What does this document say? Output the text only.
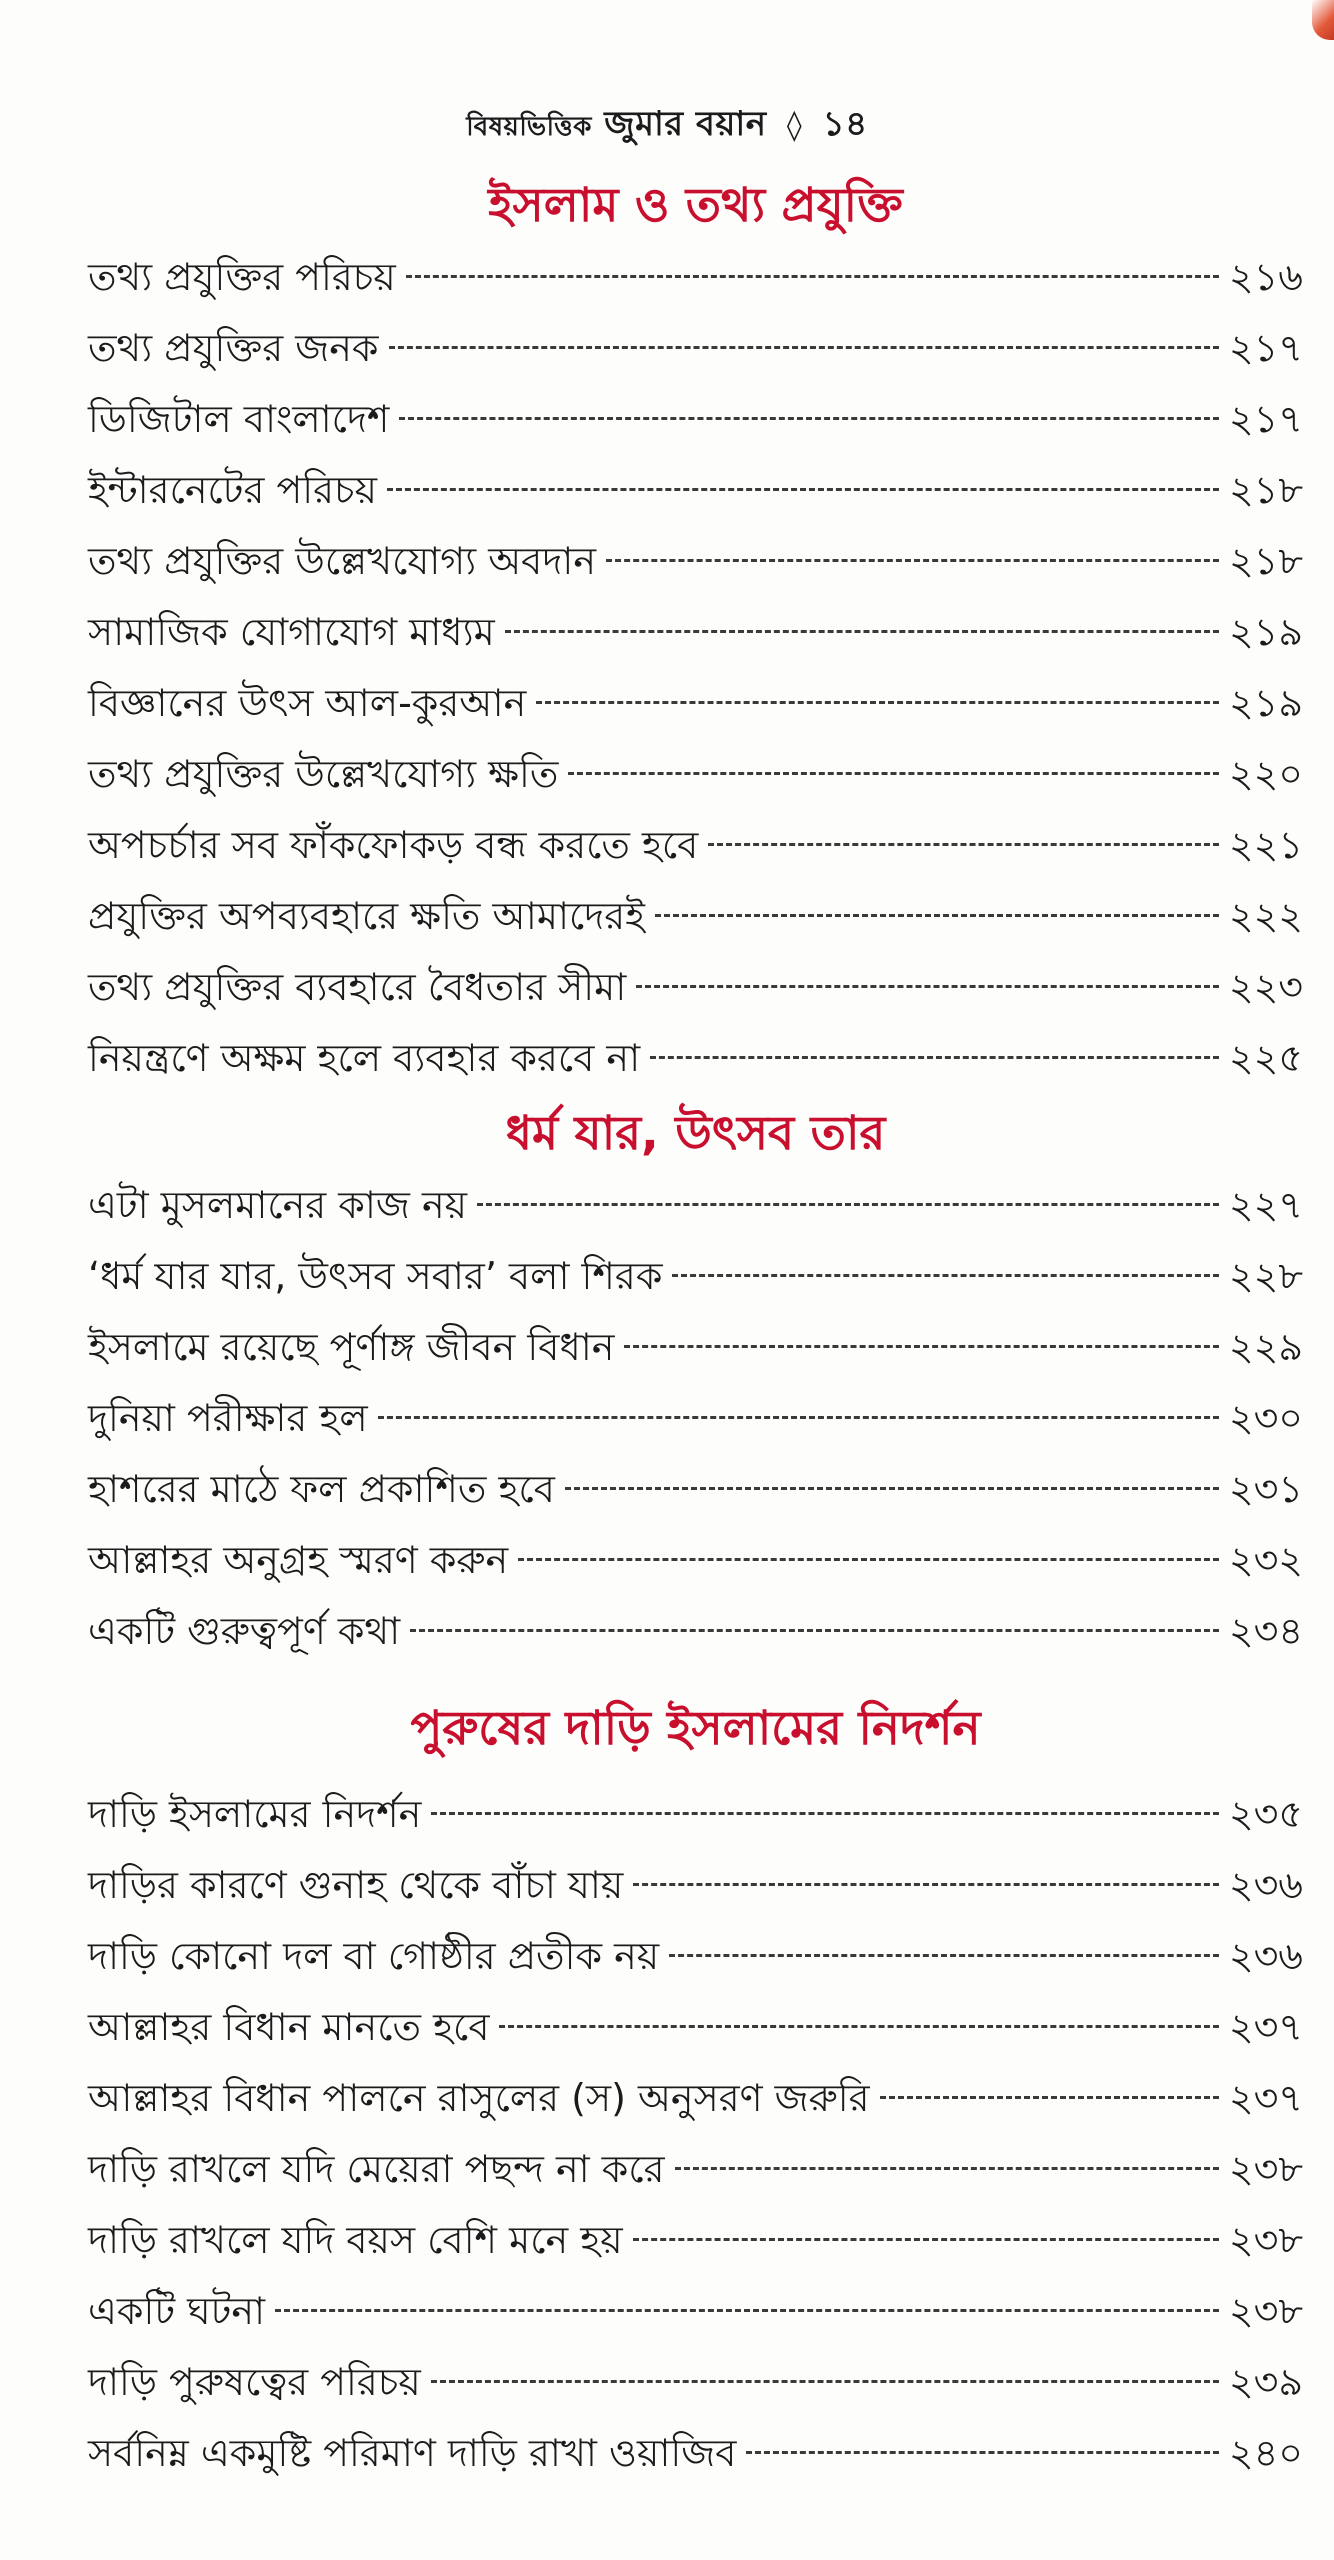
বিষয়ভিত্তিক জুমার বয়ান ◊ ১৪
ইসলাম ও তথ্য প্রযুক্তি
তথ্য প্রযুক্তির পরিচয়	২১৬
তথ্য প্রযুক্তির জনক	২১৭
ডিজিটাল বাংলাদেশ	২১৭
ইন্টারনেটের পরিচয়	২১৮
তথ্য প্রযুক্তির উল্লেখযোগ্য অবদান	২১৮
সামাজিক যোগাযোগ মাধ্যম	২১৯
বিজ্ঞানের উৎস আল-কুরআন	২১৯
তথ্য প্রযুক্তির উল্লেখযোগ্য ক্ষতি	২২০
অপচর্চার সব ফাঁকফোকড় বন্ধ করতে হবে	২২১
প্রযুক্তির অপব্যবহারে ক্ষতি আমাদেরই	২২২
তথ্য প্রযুক্তির ব্যবহারে বৈধতার সীমা	২২৩
নিয়ন্ত্রণে অক্ষম হলে ব্যবহার করবে না	২২৫
ধর্ম যার, উৎসব তার
এটা মুসলমানের কাজ নয়	২২৭
‘ধর্ম যার যার, উৎসব সবার’ বলা শিরক	২২৮
ইসলামে রয়েছে পূর্ণাঙ্গ জীবন বিধান	২২৯
দুনিয়া পরীক্ষার হল	২৩০
হাশরের মাঠে ফল প্রকাশিত হবে	২৩১
আল্লাহর অনুগ্রহ স্মরণ করুন	২৩২
একটি গুরুত্বপূর্ণ কথা	২৩৪
পুরুষের দাড়ি ইসলামের নিদর্শন
দাড়ি ইসলামের নিদর্শন	২৩৫
দাড়ির কারণে গুনাহ থেকে বাঁচা যায়	২৩৬
দাড়ি কোনো দল বা গোষ্ঠীর প্রতীক নয়	২৩৬
আল্লাহর বিধান মানতে হবে	২৩৭
আল্লাহর বিধান পালনে রাসুলের (স) অনুসরণ জরুরি	২৩৭
দাড়ি রাখলে যদি মেয়েরা পছন্দ না করে	২৩৮
দাড়ি রাখলে যদি বয়স বেশি মনে হয়	২৩৮
একটি ঘটনা	২৩৮
দাড়ি পুরুষত্বের পরিচয়	২৩৯
সর্বনিম্ন একমুষ্টি পরিমাণ দাড়ি রাখা ওয়াজিব	২৪০
